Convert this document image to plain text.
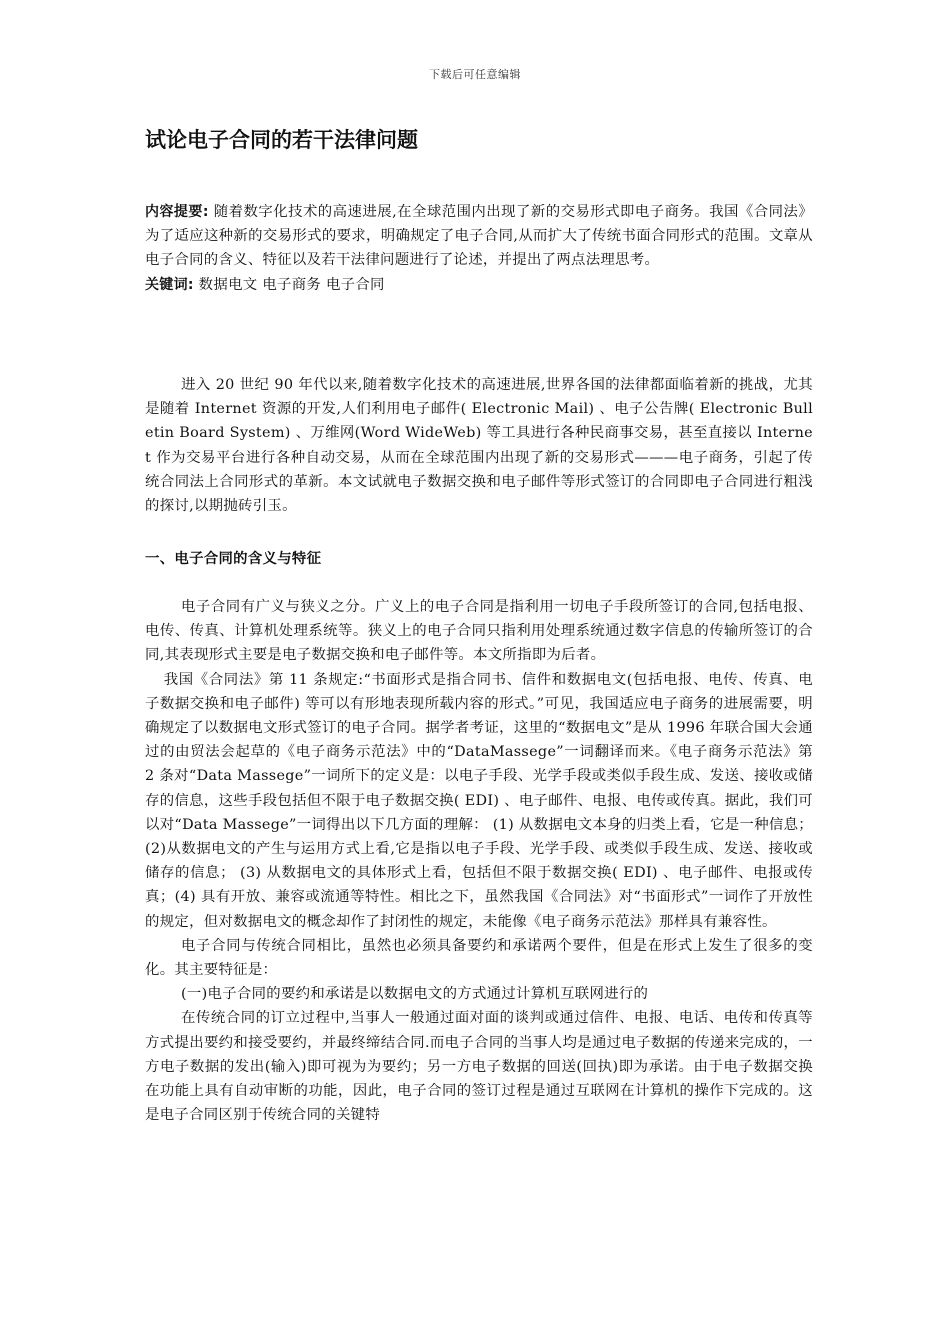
下载后可任意编辑
试论电子合同的若干法律问题

内容提要: 随着数字化技术的高速进展,在全球范围内出现了新的交易形式即电子商务。我国《合同法》为了适应这种新的交易形式的要求，明确规定了电子合同,从而扩大了传统书面合同形式的范围。文章从电子合同的含义、特征以及若干法律问题进行了论述，并提出了两点法理思考。

关键词: 数据电文 电子商务 电子合同

进入 20 世纪 90 年代以来,随着数字化技术的高速进展,世界各国的法律都面临着新的挑战，尤其是随着 Internet 资源的开发,人们利用电子邮件( Electronic Mail) 、电子公告牌( Electronic Bulletin Board System) 、万维网(Word WideWeb) 等工具进行各种民商事交易，甚至直接以 Internet 作为交易平台进行各种自动交易，从而在全球范围内出现了新的交易形式———电子商务，引起了传统合同法上合同形式的革新。本文试就电子数据交换和电子邮件等形式签订的合同即电子合同进行粗浅的探讨,以期抛砖引玉。

一、电子合同的含义与特征

电子合同有广义与狭义之分。广义上的电子合同是指利用一切电子手段所签订的合同,包括电报、电传、传真、计算机处理系统等。狭义上的电子合同只指利用处理系统通过数字信息的传输所签订的合同,其表现形式主要是电子数据交换和电子邮件等。本文所指即为后者。

我国《合同法》第 11 条规定:“书面形式是指合同书、信件和数据电文(包括电报、电传、传真、电子数据交换和电子邮件) 等可以有形地表现所载内容的形式。”可见，我国适应电子商务的进展需要，明确规定了以数据电文形式签订的电子合同。据学者考证，这里的“数据电文”是从 1996 年联合国大会通过的由贸法会起草的《电子商务示范法》中的“DataMassege”一词翻译而来。《电子商务示范法》第 2 条对“Data Massege”一词所下的定义是：以电子手段、光学手段或类似手段生成、发送、接收或储存的信息，这些手段包括但不限于电子数据交换( EDI) 、电子邮件、电报、电传或传真。据此，我们可以对“Data Massege”一词得出以下几方面的理解： (1) 从数据电文本身的归类上看，它是一种信息； (2)从数据电文的产生与运用方式上看,它是指以电子手段、光学手段、或类似手段生成、发送、接收或储存的信息； (3) 从数据电文的具体形式上看，包括但不限于数据交换( EDI) 、电子邮件、电报或传真；(4) 具有开放、兼容或流通等特性。相比之下，虽然我国《合同法》对“书面形式”一词作了开放性的规定，但对数据电文的概念却作了封闭性的规定，未能像《电子商务示范法》那样具有兼容性。

电子合同与传统合同相比，虽然也必须具备要约和承诺两个要件，但是在形式上发生了很多的变化。其主要特征是：

(一)电子合同的要约和承诺是以数据电文的方式通过计算机互联网进行的

在传统合同的订立过程中,当事人一般通过面对面的谈判或通过信件、电报、电话、电传和传真等方式提出要约和接受要约，并最终缔结合同.而电子合同的当事人均是通过电子数据的传递来完成的，一方电子数据的发出(输入)即可视为为要约；另一方电子数据的回送(回执)即为承诺。由于电子数据交换在功能上具有自动审断的功能，因此，电子合同的签订过程是通过互联网在计算机的操作下完成的。这是电子合同区别于传统合同的关键特
